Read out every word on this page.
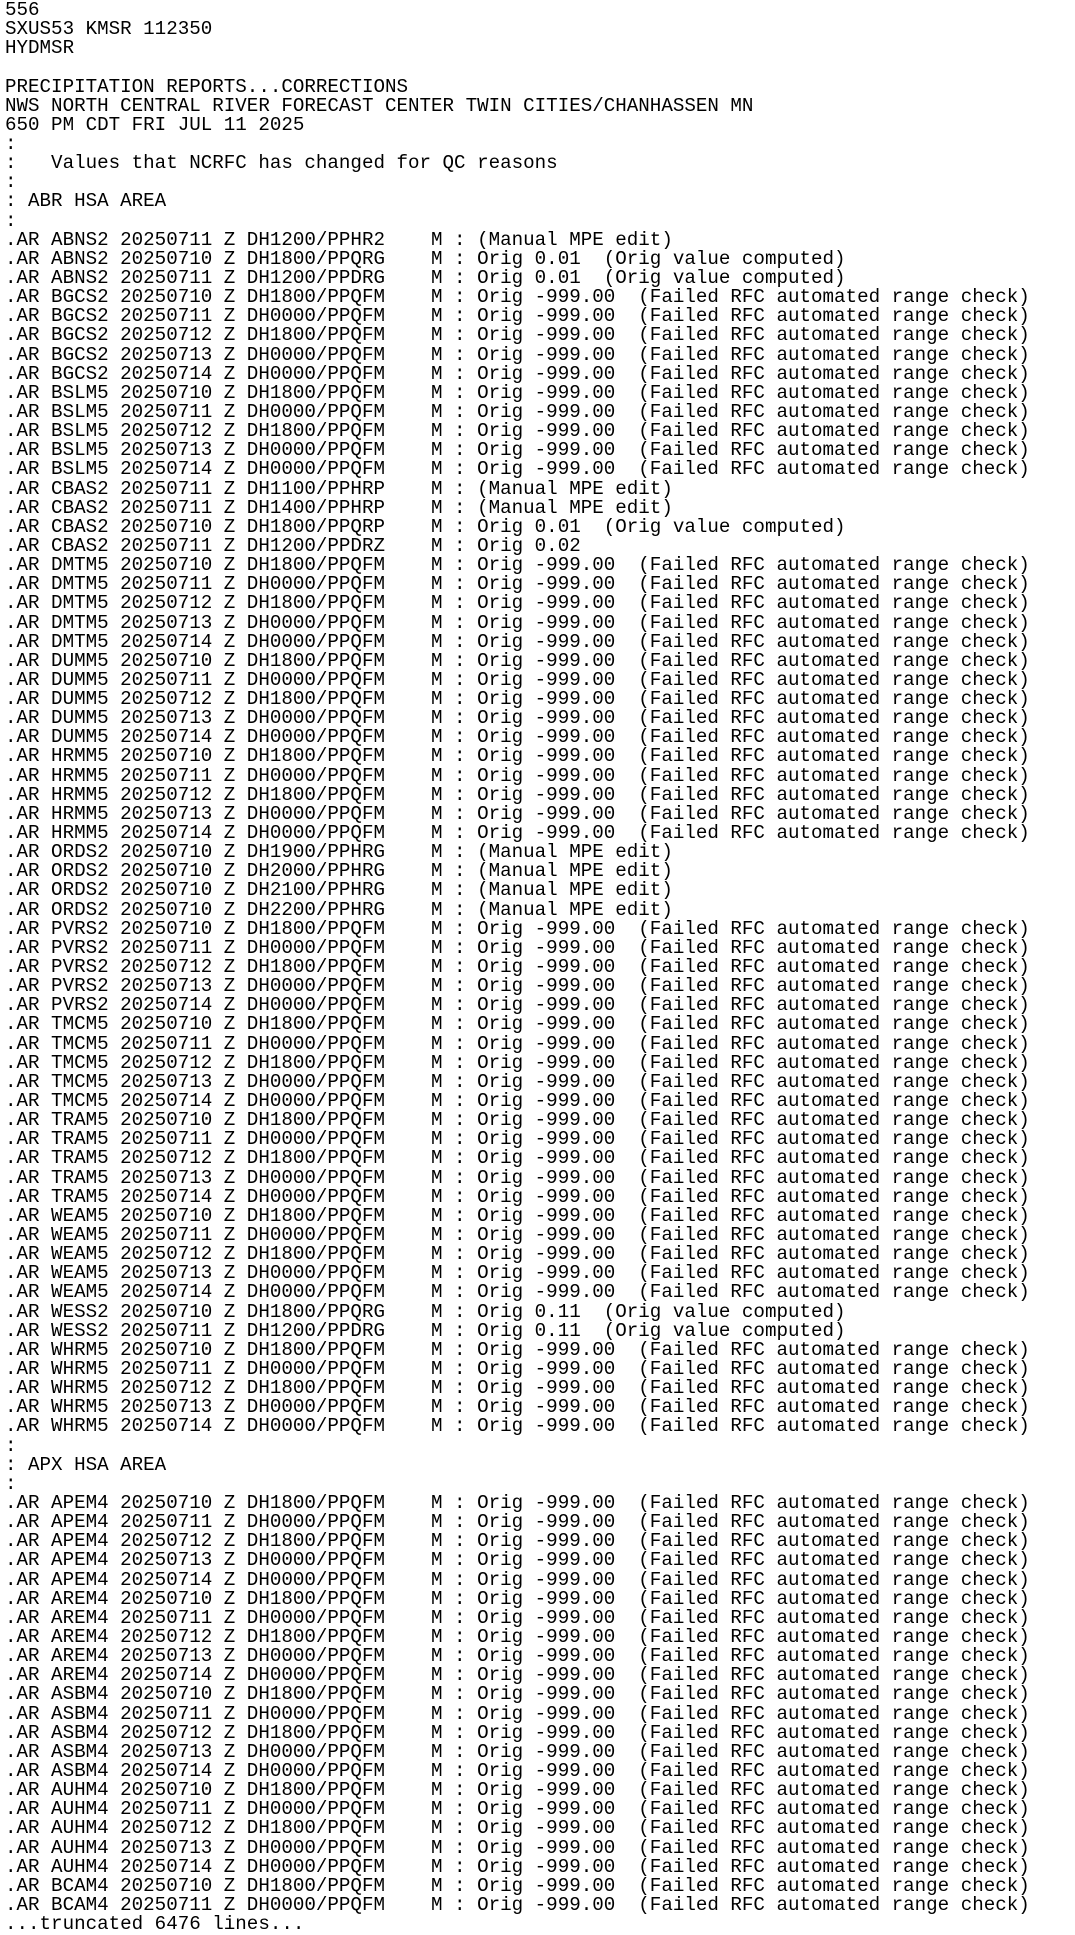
556
SXUS53 KMSR 112350
HYDMSR
PRECIPITATION REPORTS...CORRECTIONS
NWS NORTH CENTRAL RIVER FORECAST CENTER TWIN CITIES/CHANHASSEN MN
650 PM CDT FRI JUL 11 2025
:
:   Values that NCRFC has changed for QC reasons
:
: ABR HSA AREA
:
.AR ABNS2 20250711 Z DH1200/PPHR2    M : (Manual MPE edit)
.AR ABNS2 20250710 Z DH1800/PPQRG    M : Orig 0.01  (Orig value computed)
.AR ABNS2 20250711 Z DH1200/PPDRG    M : Orig 0.01  (Orig value computed)
.AR BGCS2 20250710 Z DH1800/PPQFM    M : Orig -999.00  (Failed RFC automated range check)
.AR BGCS2 20250711 Z DH0000/PPQFM    M : Orig -999.00  (Failed RFC automated range check)
.AR BGCS2 20250712 Z DH1800/PPQFM    M : Orig -999.00  (Failed RFC automated range check)
.AR BGCS2 20250713 Z DH0000/PPQFM    M : Orig -999.00  (Failed RFC automated range check)
.AR BGCS2 20250714 Z DH0000/PPQFM    M : Orig -999.00  (Failed RFC automated range check)
.AR BSLM5 20250710 Z DH1800/PPQFM    M : Orig -999.00  (Failed RFC automated range check)
.AR BSLM5 20250711 Z DH0000/PPQFM    M : Orig -999.00  (Failed RFC automated range check)
.AR BSLM5 20250712 Z DH1800/PPQFM    M : Orig -999.00  (Failed RFC automated range check)
.AR BSLM5 20250713 Z DH0000/PPQFM    M : Orig -999.00  (Failed RFC automated range check)
.AR BSLM5 20250714 Z DH0000/PPQFM    M : Orig -999.00  (Failed RFC automated range check)
.AR CBAS2 20250711 Z DH1100/PPHRP    M : (Manual MPE edit)
.AR CBAS2 20250711 Z DH1400/PPHRP    M : (Manual MPE edit)
.AR CBAS2 20250710 Z DH1800/PPQRP    M : Orig 0.01  (Orig value computed)
.AR CBAS2 20250711 Z DH1200/PPDRZ    M : Orig 0.02
.AR DMTM5 20250710 Z DH1800/PPQFM    M : Orig -999.00  (Failed RFC automated range check)
.AR DMTM5 20250711 Z DH0000/PPQFM    M : Orig -999.00  (Failed RFC automated range check)
.AR DMTM5 20250712 Z DH1800/PPQFM    M : Orig -999.00  (Failed RFC automated range check)
.AR DMTM5 20250713 Z DH0000/PPQFM    M : Orig -999.00  (Failed RFC automated range check)
.AR DMTM5 20250714 Z DH0000/PPQFM    M : Orig -999.00  (Failed RFC automated range check)
.AR DUMM5 20250710 Z DH1800/PPQFM    M : Orig -999.00  (Failed RFC automated range check)
.AR DUMM5 20250711 Z DH0000/PPQFM    M : Orig -999.00  (Failed RFC automated range check)
.AR DUMM5 20250712 Z DH1800/PPQFM    M : Orig -999.00  (Failed RFC automated range check)
.AR DUMM5 20250713 Z DH0000/PPQFM    M : Orig -999.00  (Failed RFC automated range check)
.AR DUMM5 20250714 Z DH0000/PPQFM    M : Orig -999.00  (Failed RFC automated range check)
.AR HRMM5 20250710 Z DH1800/PPQFM    M : Orig -999.00  (Failed RFC automated range check)
.AR HRMM5 20250711 Z DH0000/PPQFM    M : Orig -999.00  (Failed RFC automated range check)
.AR HRMM5 20250712 Z DH1800/PPQFM    M : Orig -999.00  (Failed RFC automated range check)
.AR HRMM5 20250713 Z DH0000/PPQFM    M : Orig -999.00  (Failed RFC automated range check)
.AR HRMM5 20250714 Z DH0000/PPQFM    M : Orig -999.00  (Failed RFC automated range check)
.AR ORDS2 20250710 Z DH1900/PPHRG    M : (Manual MPE edit)
.AR ORDS2 20250710 Z DH2000/PPHRG    M : (Manual MPE edit)
.AR ORDS2 20250710 Z DH2100/PPHRG    M : (Manual MPE edit)
.AR ORDS2 20250710 Z DH2200/PPHRG    M : (Manual MPE edit)
.AR PVRS2 20250710 Z DH1800/PPQFM    M : Orig -999.00  (Failed RFC automated range check)
.AR PVRS2 20250711 Z DH0000/PPQFM    M : Orig -999.00  (Failed RFC automated range check)
.AR PVRS2 20250712 Z DH1800/PPQFM    M : Orig -999.00  (Failed RFC automated range check)
.AR PVRS2 20250713 Z DH0000/PPQFM    M : Orig -999.00  (Failed RFC automated range check)
.AR PVRS2 20250714 Z DH0000/PPQFM    M : Orig -999.00  (Failed RFC automated range check)
.AR TMCM5 20250710 Z DH1800/PPQFM    M : Orig -999.00  (Failed RFC automated range check)
.AR TMCM5 20250711 Z DH0000/PPQFM    M : Orig -999.00  (Failed RFC automated range check)
.AR TMCM5 20250712 Z DH1800/PPQFM    M : Orig -999.00  (Failed RFC automated range check)
.AR TMCM5 20250713 Z DH0000/PPQFM    M : Orig -999.00  (Failed RFC automated range check)
.AR TMCM5 20250714 Z DH0000/PPQFM    M : Orig -999.00  (Failed RFC automated range check)
.AR TRAM5 20250710 Z DH1800/PPQFM    M : Orig -999.00  (Failed RFC automated range check)
.AR TRAM5 20250711 Z DH0000/PPQFM    M : Orig -999.00  (Failed RFC automated range check)
.AR TRAM5 20250712 Z DH1800/PPQFM    M : Orig -999.00  (Failed RFC automated range check)
.AR TRAM5 20250713 Z DH0000/PPQFM    M : Orig -999.00  (Failed RFC automated range check)
.AR TRAM5 20250714 Z DH0000/PPQFM    M : Orig -999.00  (Failed RFC automated range check)
.AR WEAM5 20250710 Z DH1800/PPQFM    M : Orig -999.00  (Failed RFC automated range check)
.AR WEAM5 20250711 Z DH0000/PPQFM    M : Orig -999.00  (Failed RFC automated range check)
.AR WEAM5 20250712 Z DH1800/PPQFM    M : Orig -999.00  (Failed RFC automated range check)
.AR WEAM5 20250713 Z DH0000/PPQFM    M : Orig -999.00  (Failed RFC automated range check)
.AR WEAM5 20250714 Z DH0000/PPQFM    M : Orig -999.00  (Failed RFC automated range check)
.AR WESS2 20250710 Z DH1800/PPQRG    M : Orig 0.11  (Orig value computed)
.AR WESS2 20250711 Z DH1200/PPDRG    M : Orig 0.11  (Orig value computed)
.AR WHRM5 20250710 Z DH1800/PPQFM    M : Orig -999.00  (Failed RFC automated range check)
.AR WHRM5 20250711 Z DH0000/PPQFM    M : Orig -999.00  (Failed RFC automated range check)
.AR WHRM5 20250712 Z DH1800/PPQFM    M : Orig -999.00  (Failed RFC automated range check)
.AR WHRM5 20250713 Z DH0000/PPQFM    M : Orig -999.00  (Failed RFC automated range check)
.AR WHRM5 20250714 Z DH0000/PPQFM    M : Orig -999.00  (Failed RFC automated range check)
:
: APX HSA AREA
:
.AR APEM4 20250710 Z DH1800/PPQFM    M : Orig -999.00  (Failed RFC automated range check)
.AR APEM4 20250711 Z DH0000/PPQFM    M : Orig -999.00  (Failed RFC automated range check)
.AR APEM4 20250712 Z DH1800/PPQFM    M : Orig -999.00  (Failed RFC automated range check)
.AR APEM4 20250713 Z DH0000/PPQFM    M : Orig -999.00  (Failed RFC automated range check)
.AR APEM4 20250714 Z DH0000/PPQFM    M : Orig -999.00  (Failed RFC automated range check)
.AR AREM4 20250710 Z DH1800/PPQFM    M : Orig -999.00  (Failed RFC automated range check)
.AR AREM4 20250711 Z DH0000/PPQFM    M : Orig -999.00  (Failed RFC automated range check)
.AR AREM4 20250712 Z DH1800/PPQFM    M : Orig -999.00  (Failed RFC automated range check)
.AR AREM4 20250713 Z DH0000/PPQFM    M : Orig -999.00  (Failed RFC automated range check)
.AR AREM4 20250714 Z DH0000/PPQFM    M : Orig -999.00  (Failed RFC automated range check)
.AR ASBM4 20250710 Z DH1800/PPQFM    M : Orig -999.00  (Failed RFC automated range check)
.AR ASBM4 20250711 Z DH0000/PPQFM    M : Orig -999.00  (Failed RFC automated range check)
.AR ASBM4 20250712 Z DH1800/PPQFM    M : Orig -999.00  (Failed RFC automated range check)
.AR ASBM4 20250713 Z DH0000/PPQFM    M : Orig -999.00  (Failed RFC automated range check)
.AR ASBM4 20250714 Z DH0000/PPQFM    M : Orig -999.00  (Failed RFC automated range check)
.AR AUHM4 20250710 Z DH1800/PPQFM    M : Orig -999.00  (Failed RFC automated range check)
.AR AUHM4 20250711 Z DH0000/PPQFM    M : Orig -999.00  (Failed RFC automated range check)
.AR AUHM4 20250712 Z DH1800/PPQFM    M : Orig -999.00  (Failed RFC automated range check)
.AR AUHM4 20250713 Z DH0000/PPQFM    M : Orig -999.00  (Failed RFC automated range check)
.AR AUHM4 20250714 Z DH0000/PPQFM    M : Orig -999.00  (Failed RFC automated range check)
.AR BCAM4 20250710 Z DH1800/PPQFM    M : Orig -999.00  (Failed RFC automated range check)
.AR BCAM4 20250711 Z DH0000/PPQFM    M : Orig -999.00  (Failed RFC automated range check)
...truncated 6476 lines...
